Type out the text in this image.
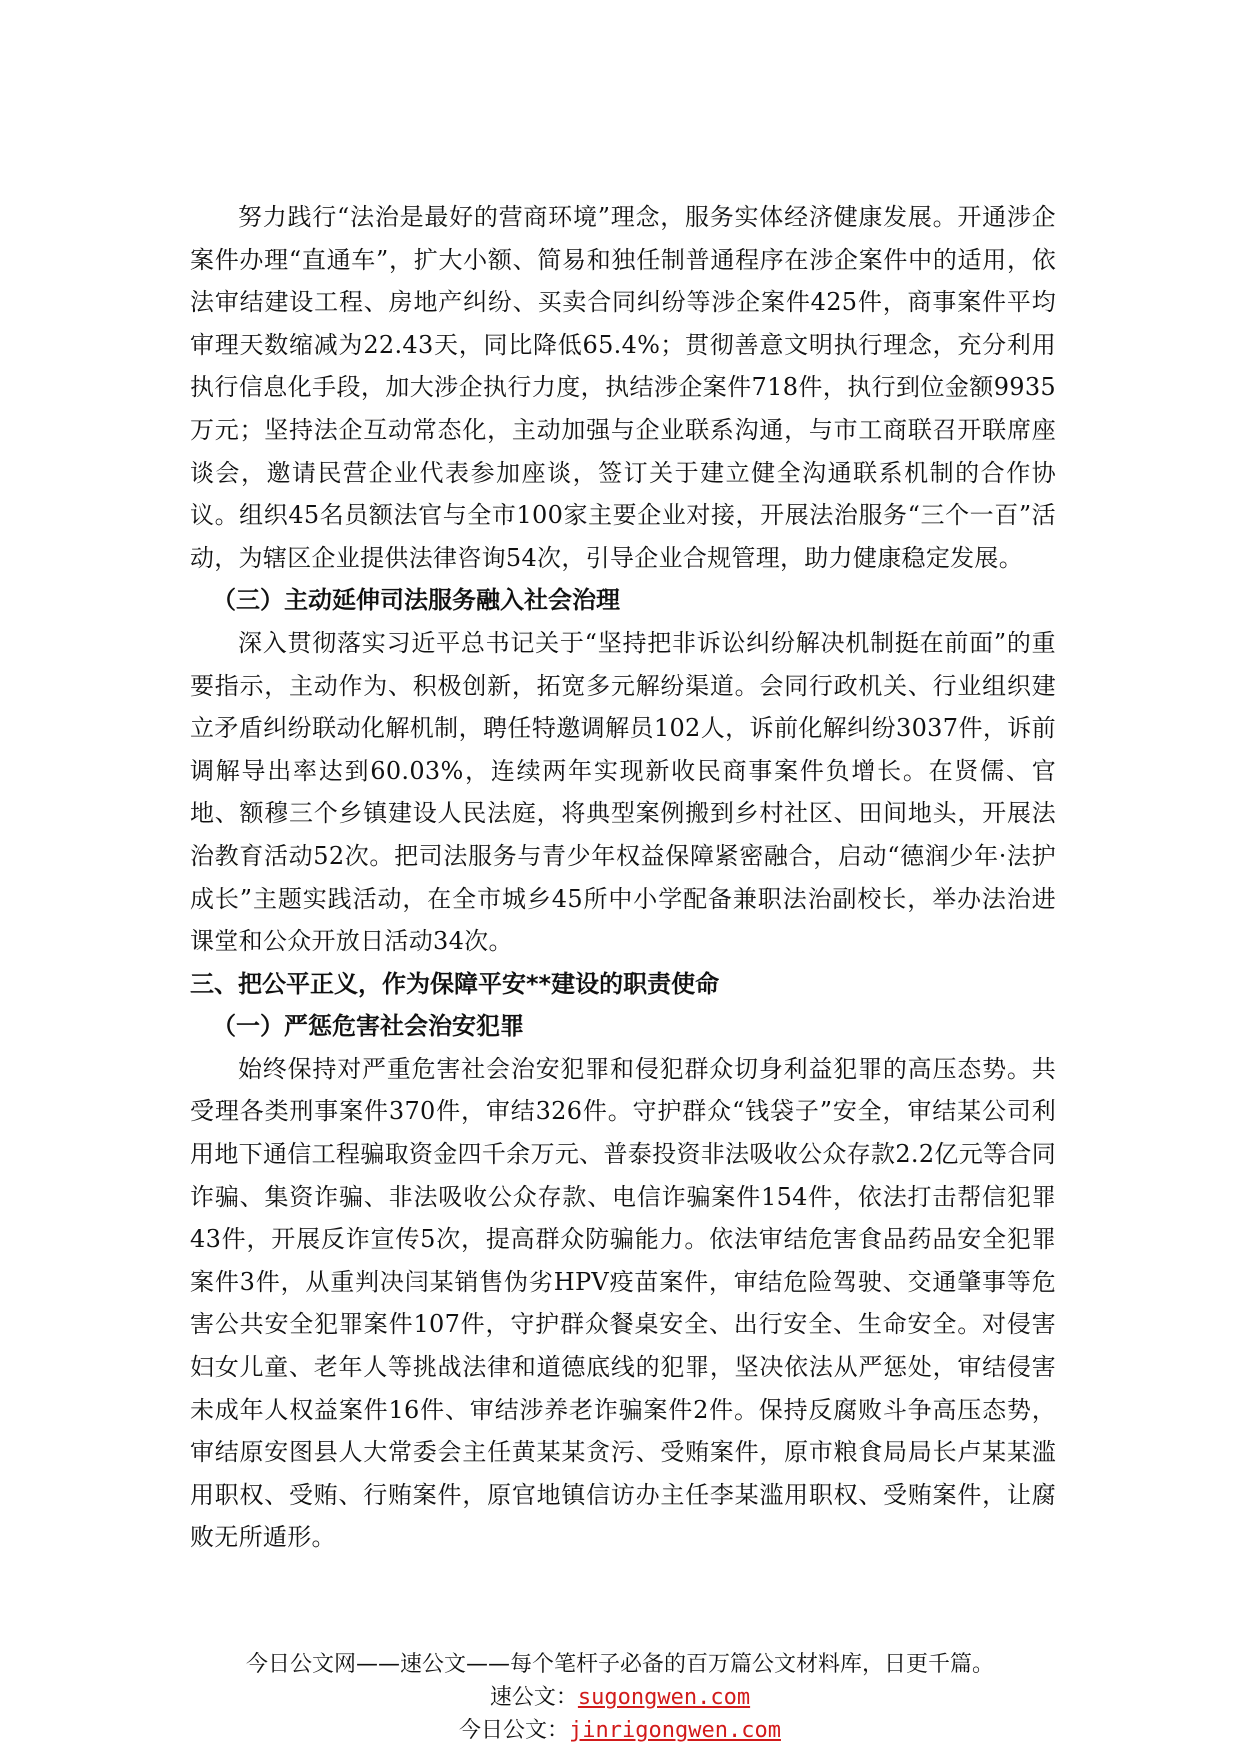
努力践行“法治是最好的营商环境”理念，服务实体经济健康发展。开通涉企案件办理“直通车”，扩大小额、简易和独任制普通程序在涉企案件中的适用，依法审结建设工程、房地产纠纷、买卖合同纠纷等涉企案件425件，商事案件平均审理天数缩减为22.43天，同比降低65.4%；贯彻善意文明执行理念，充分利用执行信息化手段，加大涉企执行力度，执结涉企案件718件，执行到位金额9935万元；坚持法企互动常态化，主动加强与企业联系沟通，与市工商联召开联席座谈会，邀请民营企业代表参加座谈，签订关于建立健全沟通联系机制的合作协议。组织45名员额法官与全市100家主要企业对接，开展法治服务“三个一百”活动，为辖区企业提供法律咨询54次，引导企业合规管理，助力健康稳定发展。

（三）主动延伸司法服务融入社会治理

深入贯彻落实习近平总书记关于“坚持把非诉讼纠纷解决机制挺在前面”的重要指示，主动作为、积极创新，拓宽多元解纷渠道。会同行政机关、行业组织建立矛盾纠纷联动化解机制，聘任特邀调解员102人，诉前化解纠纷3037件，诉前调解导出率达到60.03%，连续两年实现新收民商事案件负增长。在贤儒、官地、额穆三个乡镇建设人民法庭，将典型案例搬到乡村社区、田间地头，开展法治教育活动52次。把司法服务与青少年权益保障紧密融合，启动“德润少年·法护成长”主题实践活动，在全市城乡45所中小学配备兼职法治副校长，举办法治进课堂和公众开放日活动34次。

三、把公平正义，作为保障平安**建设的职责使命

（一）严惩危害社会治安犯罪

始终保持对严重危害社会治安犯罪和侵犯群众切身利益犯罪的高压态势。共受理各类刑事案件370件，审结326件。守护群众“钱袋子”安全，审结某公司利用地下通信工程骗取资金四千余万元、普泰投资非法吸收公众存款2.2亿元等合同诈骗、集资诈骗、非法吸收公众存款、电信诈骗案件154件，依法打击帮信犯罪43件，开展反诈宣传5次，提高群众防骗能力。依法审结危害食品药品安全犯罪案件3件，从重判决闫某销售伪劣HPV疫苗案件，审结危险驾驶、交通肇事等危害公共安全犯罪案件107件，守护群众餐桌安全、出行安全、生命安全。对侵害妇女儿童、老年人等挑战法律和道德底线的犯罪，坚决依法从严惩处，审结侵害未成年人权益案件16件、审结涉养老诈骗案件2件。保持反腐败斗争高压态势，审结原安图县人大常委会主任黄某某贪污、受贿案件，原市粮食局局长卢某某滥用职权、受贿、行贿案件，原官地镇信访办主任李某滥用职权、受贿案件，让腐败无所遁形。

今日公文网——速公文——每个笔杆子必备的百万篇公文材料库，日更千篇。
速公文：sugongwen.com
今日公文：jinrigongwen.com
